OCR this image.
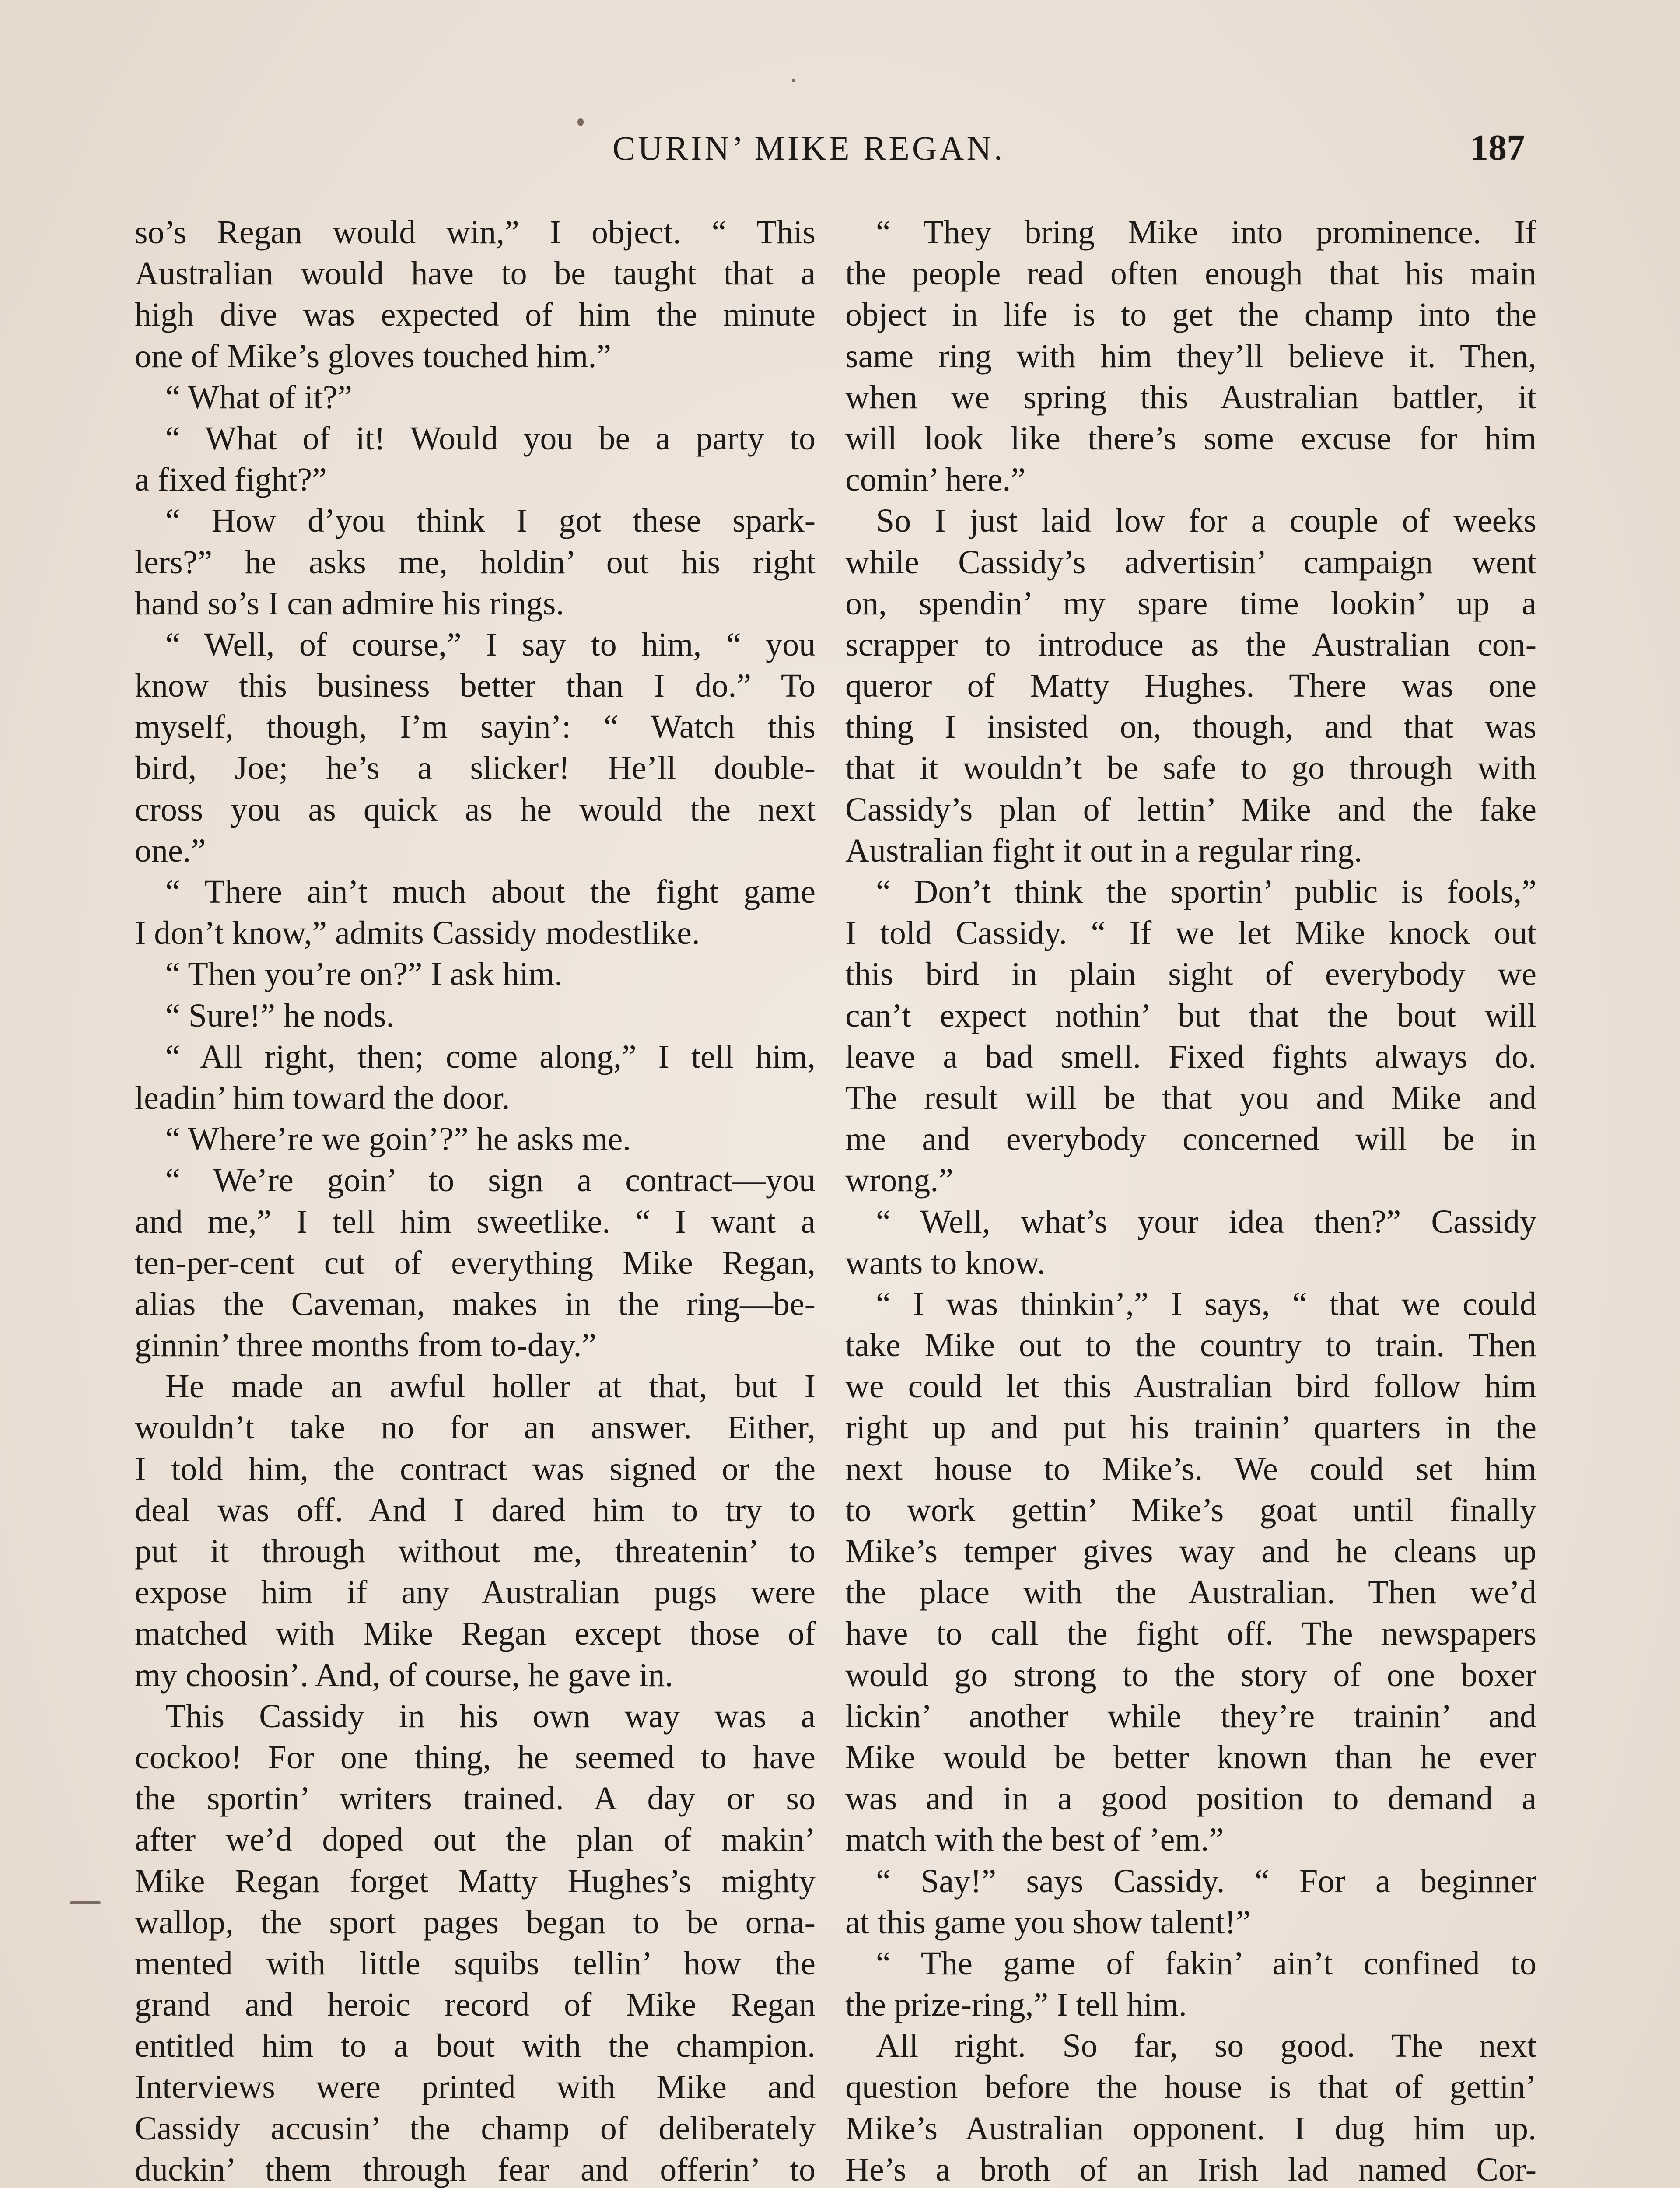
CURIN’ MIKE REGAN.	187
so’s Regan would win,” I object. “ This
Australian would have to be taught that a
high dive was expected of him the minute
one of Mike’s gloves touched him.”
“ What of it?”
“ What of it! Would you be a party to
a fixed fight?”
“ How d’you think I got these spark-
lers?” he asks me, holdin’ out his right
hand so’s I can admire his rings.
“ Well, of course,” I say to him, “ you
know this business better than I do.” To
myself, though, I’m sayin’: “ Watch this
bird, Joe; he’s a slicker! He’ll double-
cross you as quick as he would the next
one.”
“ There ain’t much about the fight game
I don’t know,” admits Cassidy modestlike.
“ Then you’re on?” I ask him.
“ Sure!” he nods.
“ All right, then; come along,” I tell him,
leadin’ him toward the door.
“ Where’re we goin’?” he asks me.
“ We’re goin’ to sign a contract—you
and me,” I tell him sweetlike. “ I want a
ten-per-cent cut of everything Mike Regan,
alias the Caveman, makes in the ring—be-
ginnin’ three months from to-day.”
He made an awful holler at that, but I
wouldn’t take no for an answer. Either,
I told him, the contract was signed or the
deal was off. And I dared him to try to
put it through without me, threatenin’ to
expose him if any Australian pugs were
matched with Mike Regan except those of
my choosin’. And, of course, he gave in.
This Cassidy in his own way was a
cockoo! For one thing, he seemed to have
the sportin’ writers trained. A day or so
after we’d doped out the plan of makin’
Mike Regan forget Matty Hughes’s mighty
wallop, the sport pages began to be orna-
mented with little squibs tellin’ how the
grand and heroic record of Mike Regan
entitled him to a bout with the champion.
Interviews were printed with Mike and
Cassidy accusin’ the champ of deliberately
duckin’ them through fear and offerin’ to
“ They bring Mike into prominence. If
the people read often enough that his main
object in life is to get the champ into the
same ring with him they’ll believe it. Then,
when we spring this Australian battler, it
will look like there’s some excuse for him
comin’ here.”
So I just laid low for a couple of weeks
while Cassidy’s advertisin’ campaign went
on, spendin’ my spare time lookin’ up a
scrapper to introduce as the Australian con-
queror of Matty Hughes. There was one
thing I insisted on, though, and that was
that it wouldn’t be safe to go through with
Cassidy’s plan of lettin’ Mike and the fake
Australian fight it out in a regular ring.
“ Don’t think the sportin’ public is fools,”
I told Cassidy. “ If we let Mike knock out
this bird in plain sight of everybody we
can’t expect nothin’ but that the bout will
leave a bad smell. Fixed fights always do.
The result will be that you and Mike and
me and everybody concerned will be in
wrong.”
“ Well, what’s your idea then?” Cassidy
wants to know.
“ I was thinkin’,” I says, “ that we could
take Mike out to the country to train. Then
we could let this Australian bird follow him
right up and put his trainin’ quarters in the
next house to Mike’s. We could set him
to work gettin’ Mike’s goat until finally
Mike’s temper gives way and he cleans up
the place with the Australian. Then we’d
have to call the fight off. The newspapers
would go strong to the story of one boxer
lickin’ another while they’re trainin’ and
Mike would be better known than he ever
was and in a good position to demand a
match with the best of ’em.”
“ Say!” says Cassidy. “ For a beginner
at this game you show talent!”
“ The game of fakin’ ain’t confined to
the prize-ring,” I tell him.
All right. So far, so good. The next
question before the house is that of gettin’
Mike’s Australian opponent. I dug him up.
He’s a broth of an Irish lad named Cor-
